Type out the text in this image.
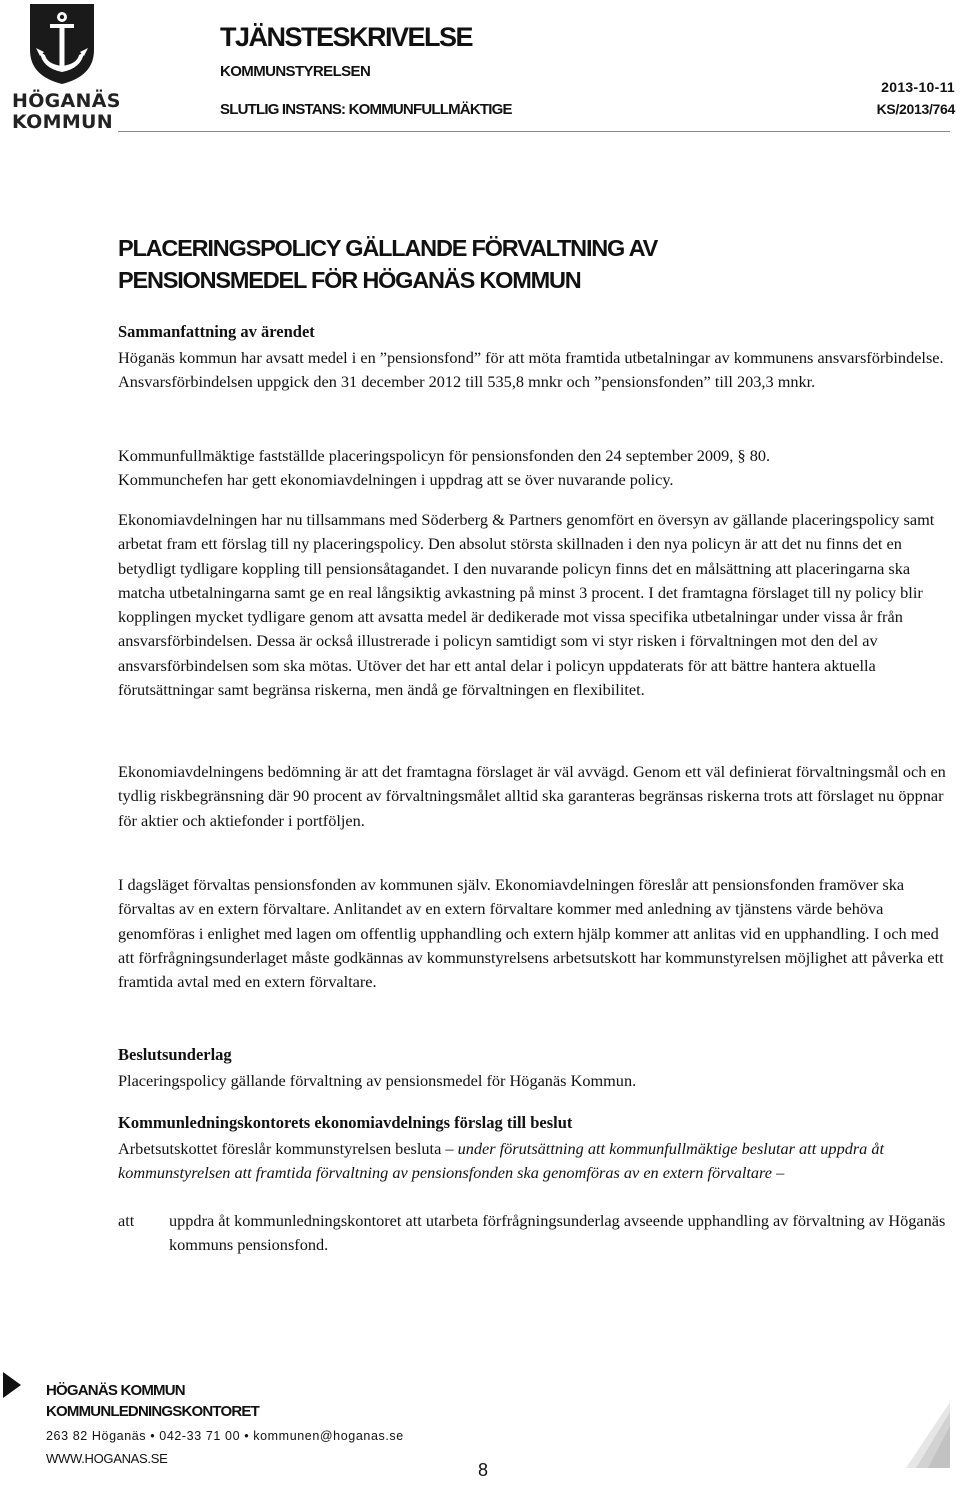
HÖGANÄS
KOMMUN
TJÄNSTESKRIVELSE
KOMMUNSTYRELSEN
SLUTLIG INSTANS: KOMMUNFULLMÄKTIGE
2013-10-11
KS/2013/764
PLACERINGSPOLICY GÄLLANDE FÖRVALTNING AV
PENSIONSMEDEL FÖR HÖGANÄS KOMMUN
Sammanfattning av ärendet
Höganäs kommun har avsatt medel i en ”pensionsfond” för att möta framtida utbetalningar av kommunens ansvarsförbindelse. Ansvarsförbindelsen uppgick den 31 december 2012 till 535,8 mnkr och ”pensionsfonden” till 203,3 mnkr.
Kommunfullmäktige fastställde placeringspolicyn för pensionsfonden den 24 september 2009, § 80.
Kommunchefen har gett ekonomiavdelningen i uppdrag att se över nuvarande policy.
Ekonomiavdelningen har nu tillsammans med Söderberg & Partners genomfört en översyn av gällande placeringspolicy samt arbetat fram ett förslag till ny placeringspolicy. Den absolut största skillnaden i den nya policyn är att det nu finns det en betydligt tydligare koppling till pensionsåtagandet. I den nuvarande policyn finns det en målsättning att placeringarna ska matcha utbetalningarna samt ge en real långsiktig avkastning på minst 3 procent. I det framtagna förslaget till ny policy blir kopplingen mycket tydligare genom att avsatta medel är dedikerade mot vissa specifika utbetalningar under vissa år från ansvarsförbindelsen. Dessa är också illustrerade i policyn samtidigt som vi styr risken i förvaltningen mot den del av ansvarsförbindelsen som ska mötas. Utöver det har ett antal delar i policyn uppdaterats för att bättre hantera aktuella förutsättningar samt begränsa riskerna, men ändå ge förvaltningen en flexibilitet.
Ekonomiavdelningens bedömning är att det framtagna förslaget är väl avvägd. Genom ett väl definierat förvaltningsmål och en tydlig riskbegränsning där 90 procent av förvaltningsmålet alltid ska garanteras begränsas riskerna trots att förslaget nu öppnar för aktier och aktiefonder i portföljen.
I dagsläget förvaltas pensionsfonden av kommunen själv. Ekonomiavdelningen föreslår att pensionsfonden framöver ska förvaltas av en extern förvaltare. Anlitandet av en extern förvaltare kommer med anledning av tjänstens värde behöva genomföras i enlighet med lagen om offentlig upphandling och extern hjälp kommer att anlitas vid en upphandling. I och med att förfrågningsunderlaget måste godkännas av kommunstyrelsens arbetsutskott har kommunstyrelsen möjlighet att påverka ett framtida avtal med en extern förvaltare.
Beslutsunderlag
Placeringspolicy gällande förvaltning av pensionsmedel för Höganäs Kommun.
Kommunledningskontorets ekonomiavdelnings förslag till beslut
Arbetsutskottet föreslår kommunstyrelsen besluta – under förutsättning att kommunfullmäktige beslutar att uppdra åt kommunstyrelsen att framtida förvaltning av pensionsfonden ska genomföras av en extern förvaltare –
att uppdra åt kommunledningskontoret att utarbeta förfrågningsunderlag avseende upphandling av förvaltning av Höganäs kommuns pensionsfond.
HÖGANÄS KOMMUN
KOMMUNLEDNINGSKONTORET
263 82 Höganäs • 042-33 71 00 • kommunen@hoganas.se
WWW.HOGANAS.SE
8
